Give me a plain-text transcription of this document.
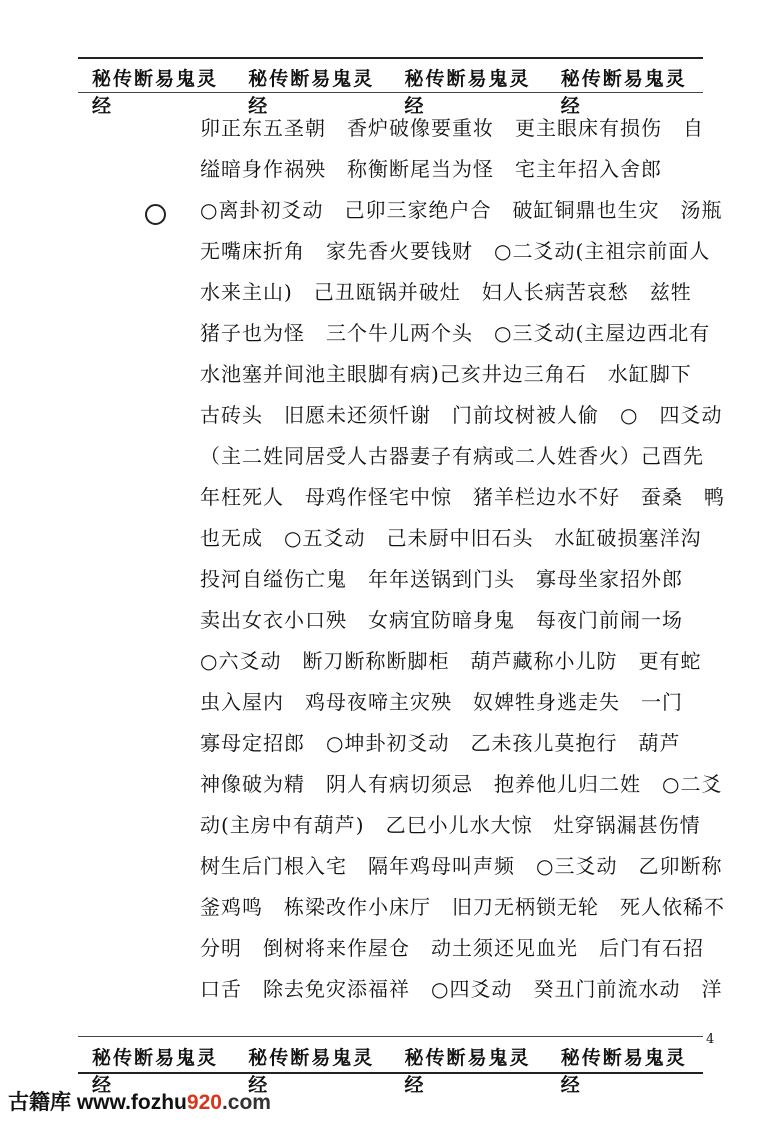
秘传断易鬼灵经
秘传断易鬼灵经
秘传断易鬼灵经
秘传断易鬼灵经
卯正东五圣朝　香炉破像要重妆　更主眼床有损伤　自
缢暗身作祸殃　称衡断尾当为怪　宅主年招入舍郎
○离卦初爻动　己卯三家绝户合　破缸铜鼎也生灾　汤瓶
无嘴床折角　家先香火要钱财　○二爻动(主祖宗前面人
水来主山)　己丑瓯锅并破灶　妇人长病苦哀愁　兹牲
猪子也为怪　三个牛儿两个头　○三爻动(主屋边西北有
水池塞并间池主眼脚有病)己亥井边三角石　水缸脚下
古砖头　旧愿未还须忏谢　门前坟树被人偷　○　四爻动
（主二姓同居受人古器妻子有病或二人姓香火）己酉先
年枉死人　母鸡作怪宅中惊　猪羊栏边水不好　蚕桑　鸭
也无成　○五爻动　己未厨中旧石头　水缸破损塞洋沟
投河自缢伤亡鬼　年年送锅到门头　寡母坐家招外郎
卖出女衣小口殃　女病宜防暗身鬼　每夜门前闹一场
○六爻动　断刀断称断脚柜　葫芦藏称小儿防　更有蛇
虫入屋内　鸡母夜啼主灾殃　奴婢牲身逃走失　一门
寡母定招郎　○坤卦初爻动　乙未孩儿莫抱行　葫芦
神像破为精　阴人有病切须忌　抱养他儿归二姓　○二爻
动(主房中有葫芦)　乙巳小儿水大惊　灶穿锅漏甚伤情
树生后门根入宅　隔年鸡母叫声频　○三爻动　乙卯断称
釜鸡鸣　栋梁改作小床厅　旧刀无柄锁无轮　死人依稀不
分明　倒树将来作屋仓　动土须还见血光　后门有石招
口舌　除去免灾添福祥　○四爻动　癸丑门前流水动　洋
秘传断易鬼灵经
秘传断易鬼灵经
秘传断易鬼灵经
秘传断易鬼灵经
4
古籍库 www.fozhu920.com
